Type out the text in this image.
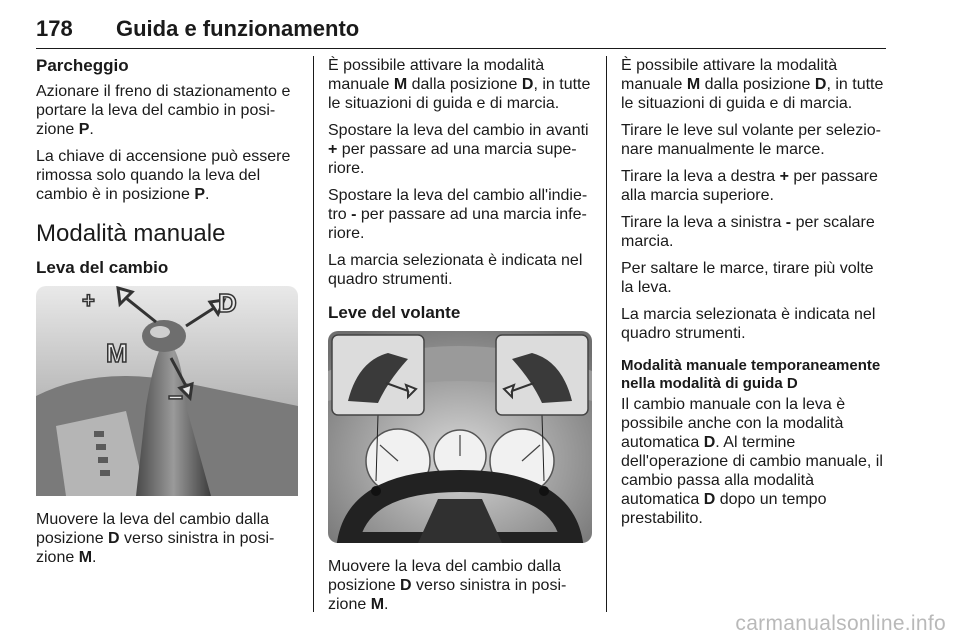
178 Guida e funzionamento
Parcheggio

Azionare il freno di stazionamento e portare la leva del cambio in posizione P.

La chiave di accensione può essere rimossa solo quando la leva del cambio è in posizione P.

Modalità manuale
Leva del cambio
+	D
M
−

Muovere la leva del cambio dalla posizione D verso sinistra in posizione M.

È possibile attivare la modalità manuale M dalla posizione D, in tutte le situazioni di guida e di marcia.

Spostare la leva del cambio in avanti + per passare ad una marcia superiore.

Spostare la leva del cambio all'indietro - per passare ad una marcia inferiore.

La marcia selezionata è indicata nel quadro strumenti.

Leve del volante

Muovere la leva del cambio dalla posizione D verso sinistra in posizione M.

È possibile attivare la modalità manuale M dalla posizione D, in tutte le situazioni di guida e di marcia.

Tirare le leve sul volante per selezionare manualmente le marce.

Tirare la leva a destra + per passare alla marcia superiore.

Tirare la leva a sinistra - per scalare marcia.

Per saltare le marce, tirare più volte la leva.

La marcia selezionata è indicata nel quadro strumenti.

Modalità manuale temporaneamente nella modalità di guida D

Il cambio manuale con la leva è possibile anche con la modalità automatica D. Al termine dell'operazione di cambio manuale, il cambio passa alla modalità automatica D dopo un tempo prestabilito.

carmanualsonline.info
